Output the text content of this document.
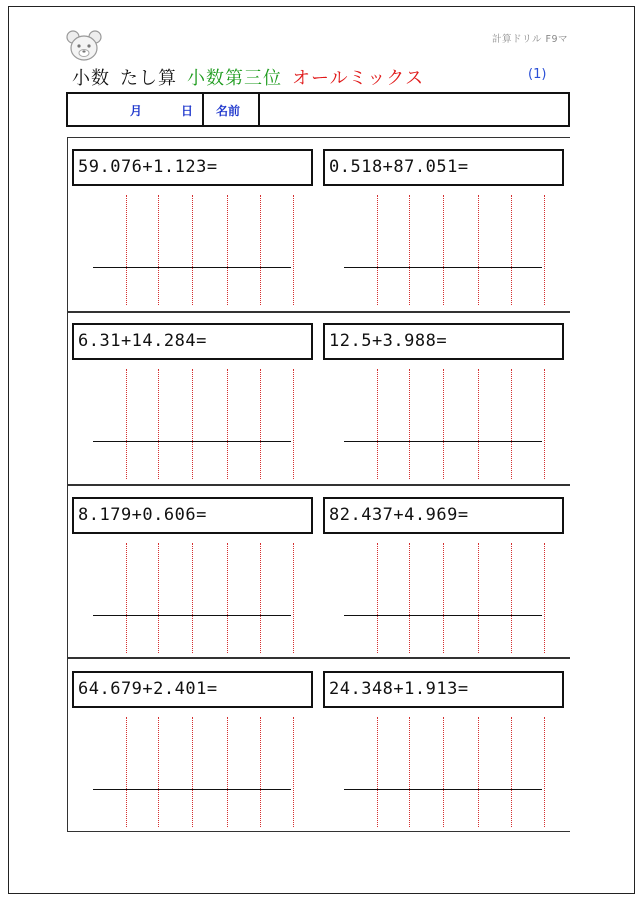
計算ドリル F9マ
小数 たし算 小数第三位 オールミックス	(1)
月	日 名前
59.076+1.123=	0.518+87.051=
6.31+14.284=	12.5+3.988=
8.179+0.606=	82.437+4.969=
64.679+2.401=	24.348+1.913=
